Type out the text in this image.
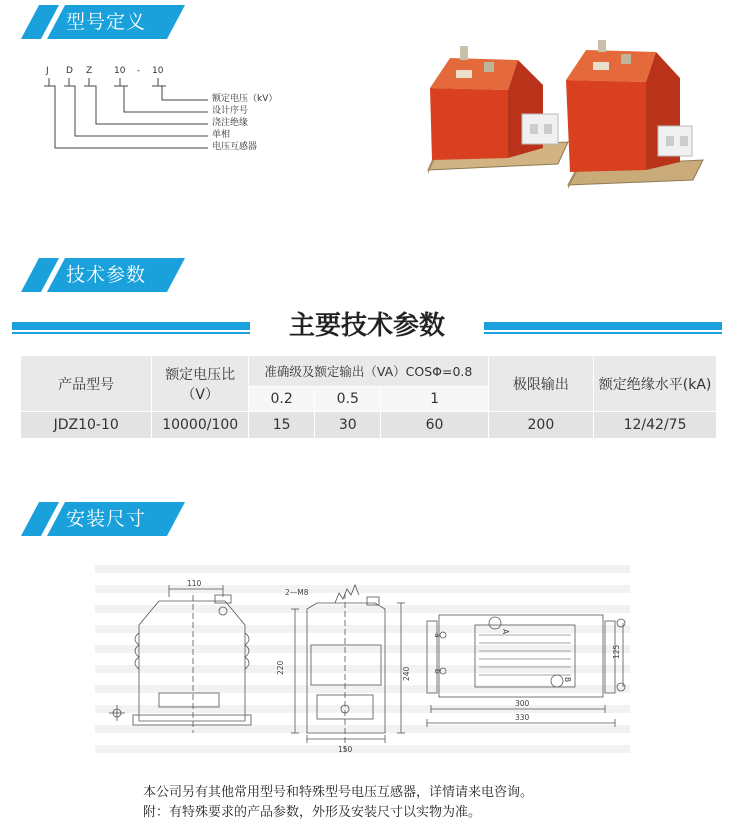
型号定义
J D Z 10 - 10
额定电压（kV）
设计序号
浇注绝缘
单相
电压互感器
技术参数
主要技术参数
产品型号	额定电压比（V）	准确级及额定输出（VA）COSΦ=0.8			极限输出	额定绝缘水平(kA)
		0.2	0.5	1		
JDZ10-10	10000/100	15	30	60	200	12/42/75
安装尺寸
110
2—M8
220	240
150
300
330
125
A
B
a
b
本公司另有其他常用型号和特殊型号电压互感器，详情请来电咨询。
附：有特殊要求的产品参数，外形及安装尺寸以实物为准。
